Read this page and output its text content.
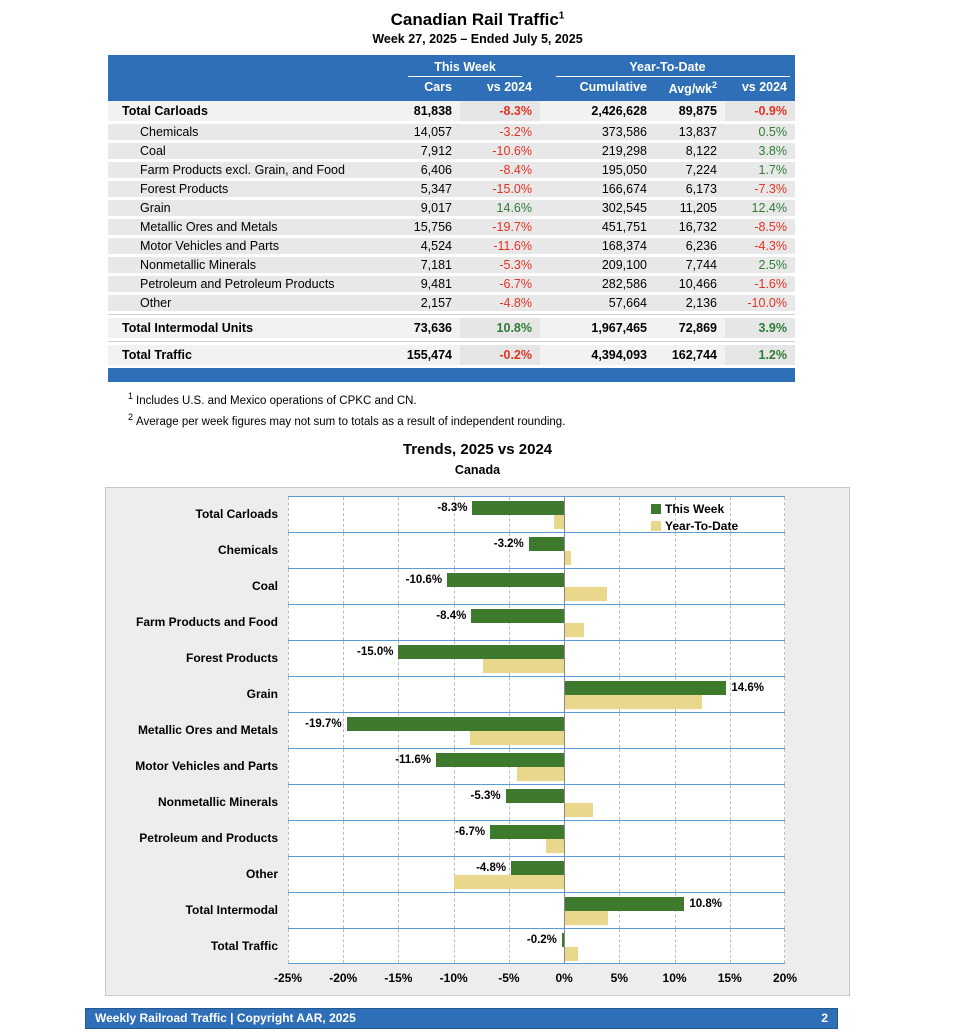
Canadian Rail Traffic$^1$
Week 27, 2025 – Ended July 5, 2025
This Week	Year-To-Date
Cars	vs 2024	Cumulative	Avg/$wk^2$	vs 2024
Total Carloads	81,838	-8.3%	2,426,628	89,875	-0.9%
Chemicals	14,057	-3.2%	373,586	13,837	0.5%
Coal	7,912	-10.6%	219,298	8,122	3.8%
Farm Products excl. Grain, and Food	6,406	-8.4%	195,050	7,224	1.7%
Forest Products	5,347	-15.0%	166,674	6,173	-7.3%
Grain	9,017	14.6%	302,545	11,205	12.4%
Metallic Ores and Metals	15,756	-19.7%	451,751	16,732	-8.5%
Motor Vehicles and Parts	4,524	-11.6%	168,374	6,236	-4.3%
Nonmetallic Minerals	7,181	-5.3%	209,100	7,744	2.5%
Petroleum and Petroleum Products	9,481	-6.7%	282,586	10,466	-1.6%
Other	2,157	-4.8%	57,664	2,136	-10.0%
Total Intermodal Units	73,636	10.8%	1,967,465	72,869	3.9%
Total Traffic	155,474	-0.2%	4,394,093	162,744	1.2%
$^1$ Includes U.S. and Mexico operations of CPKC and CN.
$^2$ Average per week figures may not sum to totals as a result of independent rounding.
Trends, 2025 vs 2024
Canada
Total Carloads	-8.3%
Chemicals	-3.2%
Coal	-10.6%
Farm Products and Food	-8.4%
Forest Products	-15.0%
Grain	14.6%
Metallic Ores and Metals	-19.7%
Motor Vehicles and Parts	-11.6%
Nonmetallic Minerals	-5.3%
Petroleum and Products	-6.7%
Other	-4.8%
Total Intermodal	10.8%
Total Traffic	-0.2%
-25% -20% -15% -10%	-5%	0%	5%	10%	15%	20%
This Week
Year-To-Date
Weekly Railroad Traffic | Copyright AAR, 2025	2
